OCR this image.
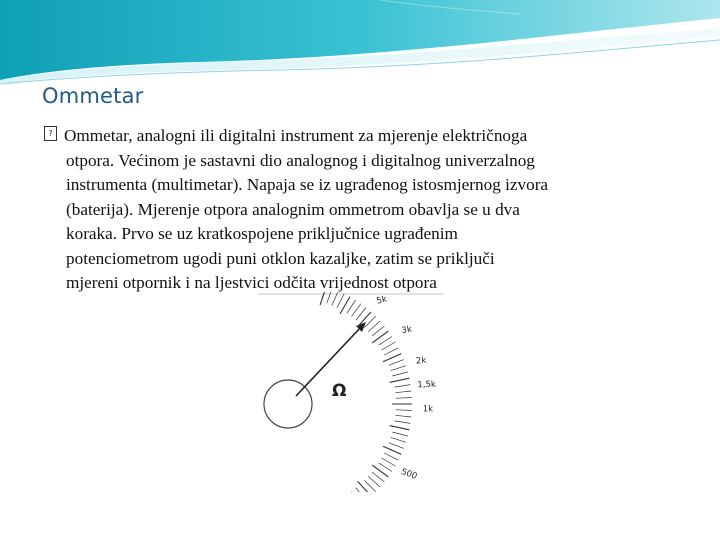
Ommetar
? Ommetar, analogni ili digitalni instrument za mjerenje električnoga
otpora. Većinom je sastavni dio analognog i digitalnog univerzalnog
instrumenta (multimetar). Napaja se iz ugrađenog istosmjernog izvora
(baterija). Mjerenje otpora analognim ommetrom obavlja se u dva
koraka. Prvo se uz kratkospojene priključnice ugrađenim
potenciometrom ugodi puni otklon kazaljke, zatim se priključi
mjereni otpornik i na ljestvici odčita vrijednost otpora
Ω
5k
3k
2k
1,5k
1k
500
